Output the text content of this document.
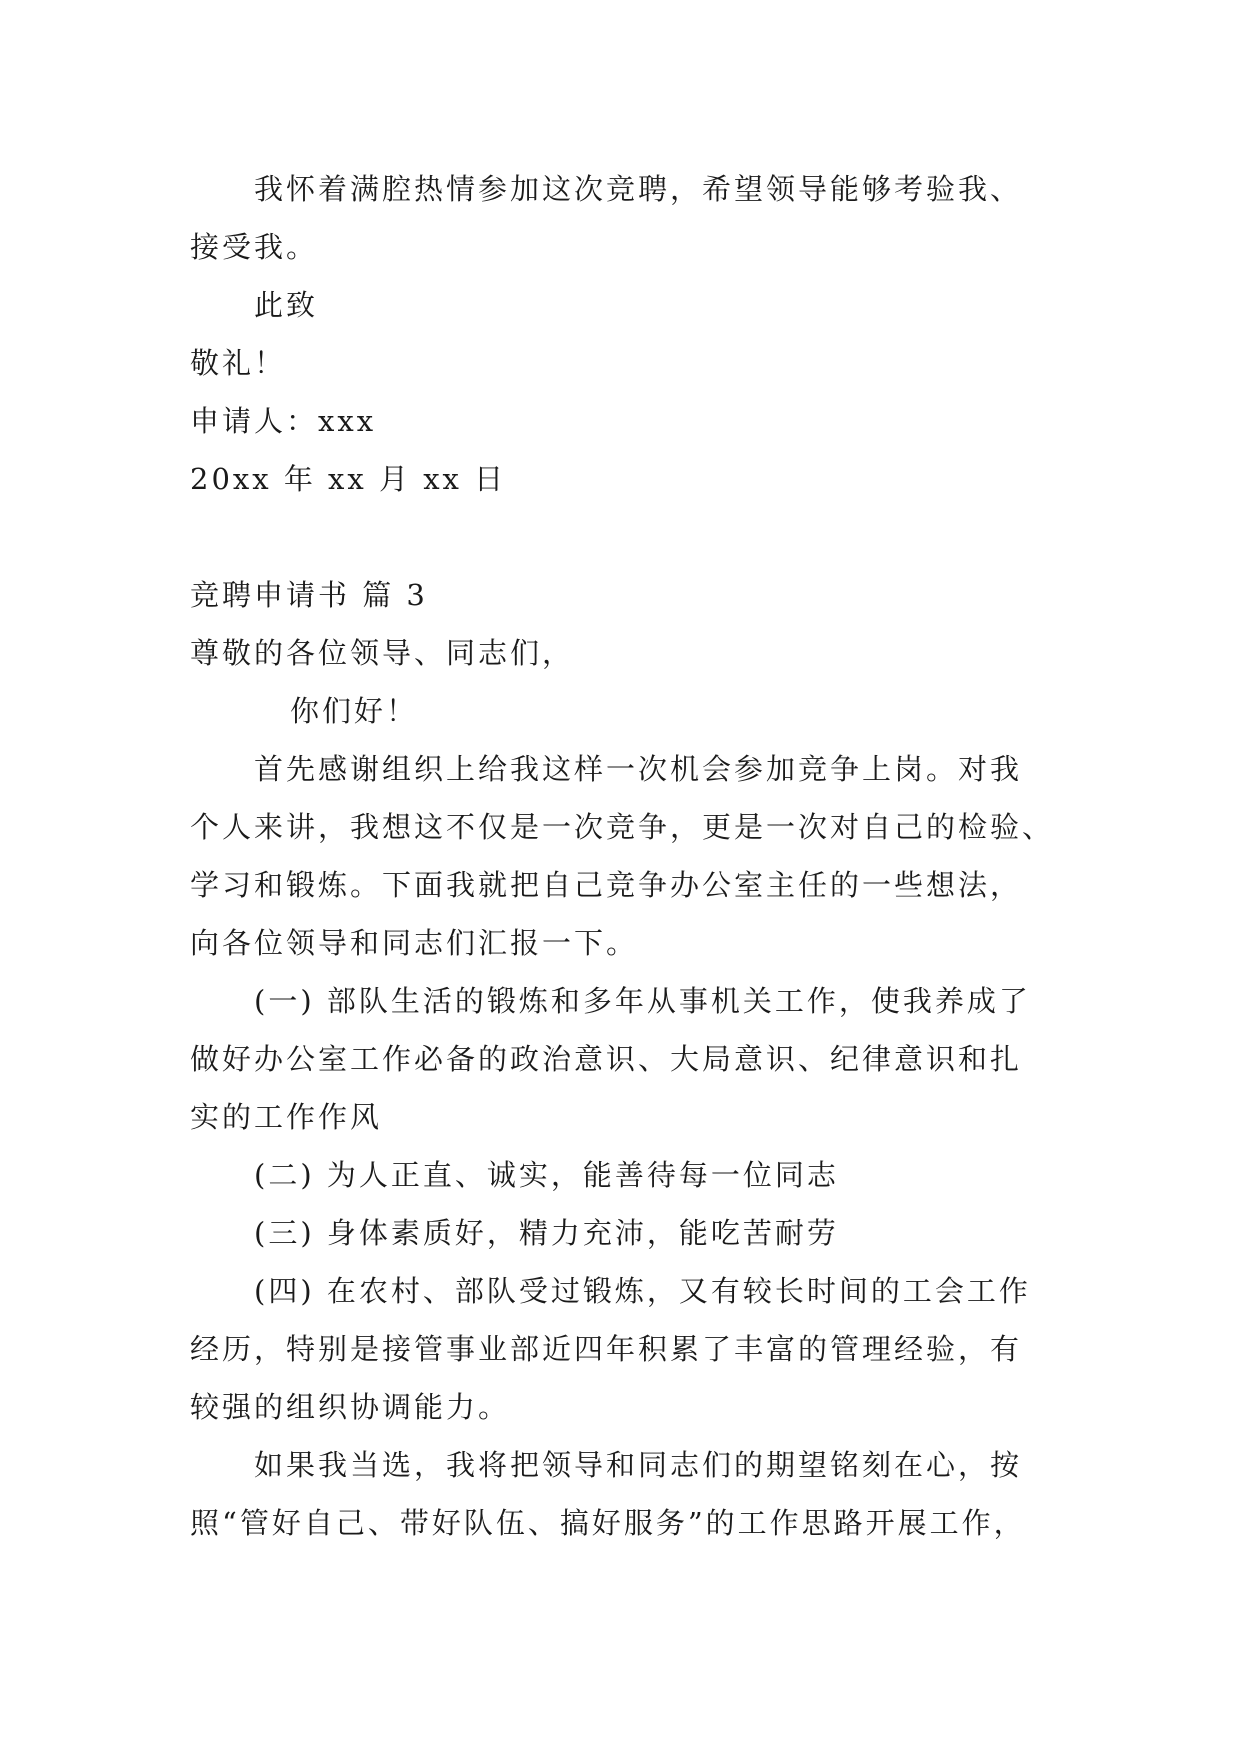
我怀着满腔热情参加这次竞聘，希望领导能够考验我、
接受我。
此致
敬礼！
申请人：xxx
20xx 年 xx 月 xx 日
竞聘申请书 篇 3
尊敬的各位领导、同志们，
你们好！
首先感谢组织上给我这样一次机会参加竞争上岗。对我
个人来讲，我想这不仅是一次竞争，更是一次对自己的检验、
学习和锻炼。下面我就把自己竞争办公室主任的一些想法，
向各位领导和同志们汇报一下。
(一) 部队生活的锻炼和多年从事机关工作，使我养成了
做好办公室工作必备的政治意识、大局意识、纪律意识和扎
实的工作作风
(二) 为人正直、诚实，能善待每一位同志
(三) 身体素质好，精力充沛，能吃苦耐劳
(四) 在农村、部队受过锻炼，又有较长时间的工会工作
经历，特别是接管事业部近四年积累了丰富的管理经验，有
较强的组织协调能力。
如果我当选，我将把领导和同志们的期望铭刻在心，按
照“管好自己、带好队伍、搞好服务”的工作思路开展工作，
